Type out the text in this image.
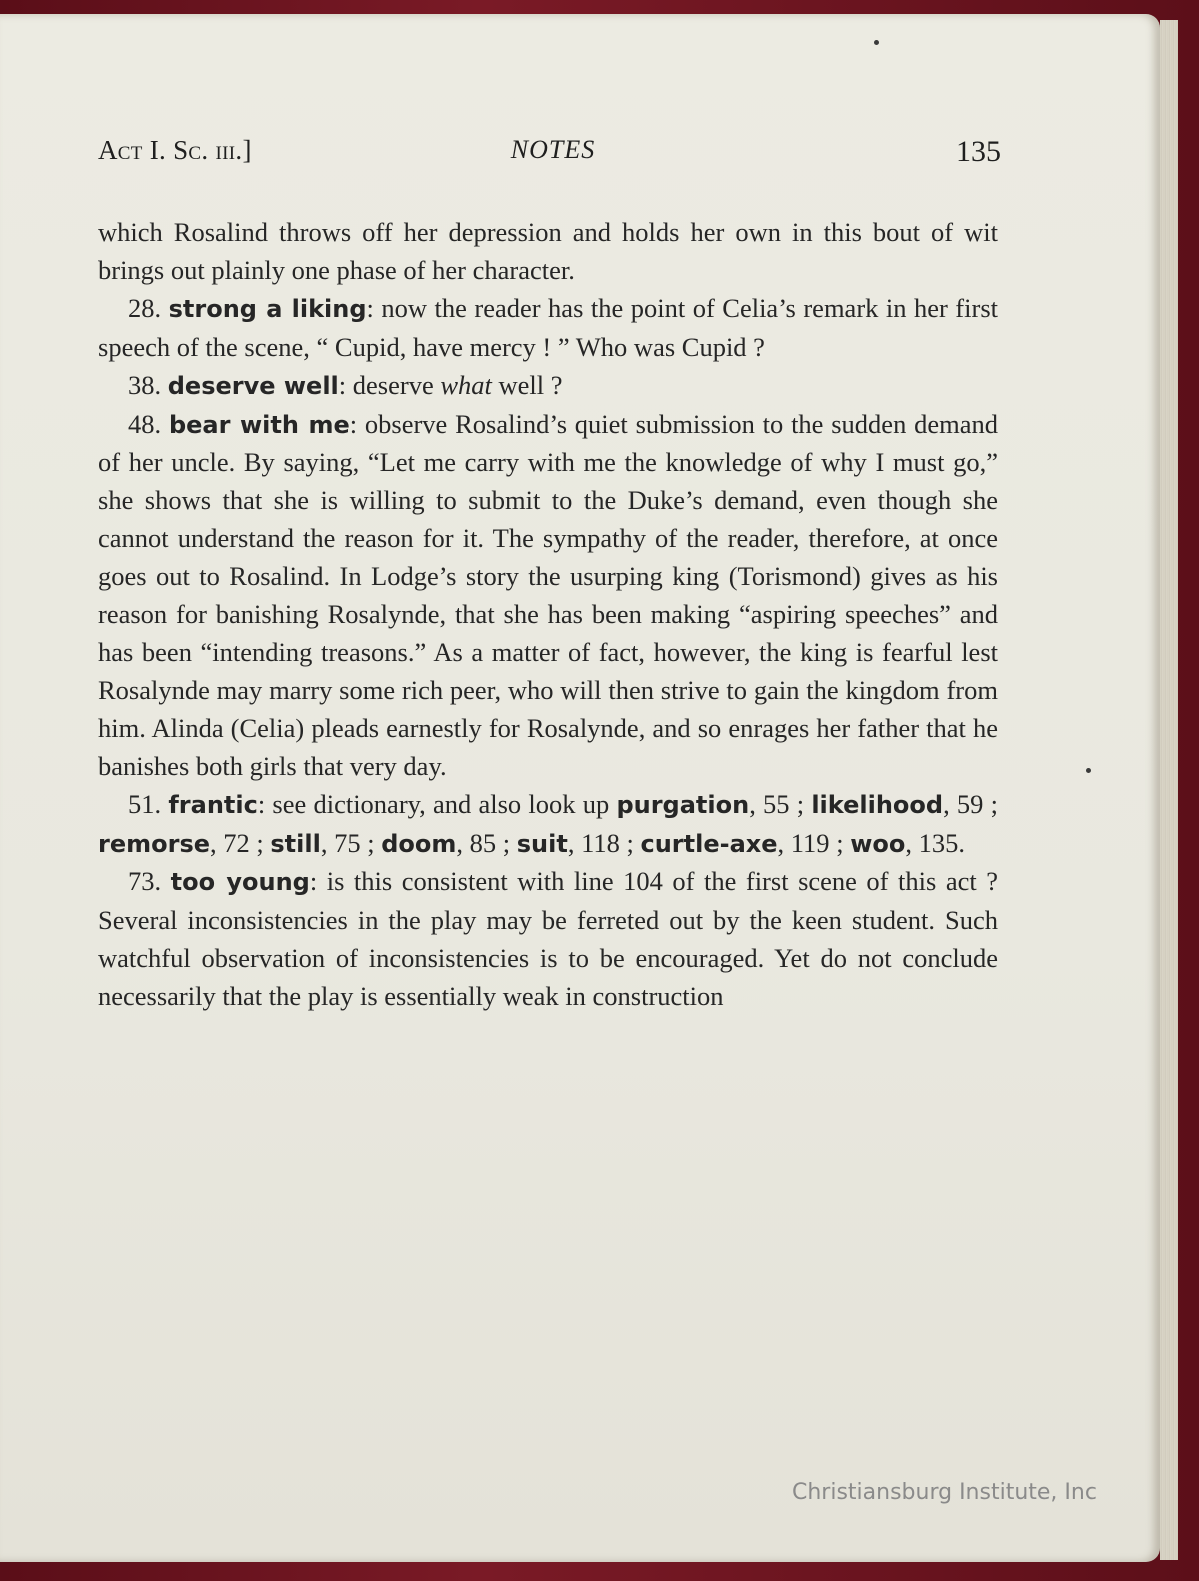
Act I. Sc. iii.]	NOTES	135

which Rosalind throws off her depression and holds her own in this bout of wit brings out plainly one phase of her character.

28. strong a liking: now the reader has the point of Celia’s remark in her first speech of the scene, “ Cupid, have mercy ! ” Who was Cupid ?

38. deserve well: deserve what well ?

48. bear with me: observe Rosalind’s quiet submission to the sudden demand of her uncle. By saying, “Let me carry with me the knowledge of why I must go,” she shows that she is willing to submit to the Duke’s demand, even though she cannot understand the reason for it. The sympathy of the reader, therefore, at once goes out to Rosalind. In Lodge’s story the usurping king (Torismond) gives as his reason for banishing Rosalynde, that she has been making “aspiring speeches” and has been “intending treasons.” As a matter of fact, however, the king is fearful lest Rosalynde may marry some rich peer, who will then strive to gain the kingdom from him. Alinda (Celia) pleads earnestly for Rosalynde, and so enrages her father that he banishes both girls that very day.

51. frantic: see dictionary, and also look up purgation, 55 ; likelihood, 59 ; remorse, 72 ; still, 75 ; doom, 85 ; suit, 118 ; curtle-axe, 119 ; woo, 135.

73. too young: is this consistent with line 104 of the first scene of this act ? Several inconsistencies in the play may be ferreted out by the keen student. Such watchful observation of inconsistencies is to be encouraged. Yet do not conclude necessarily that the play is essentially weak in construction

Christiansburg Institute, Inc
